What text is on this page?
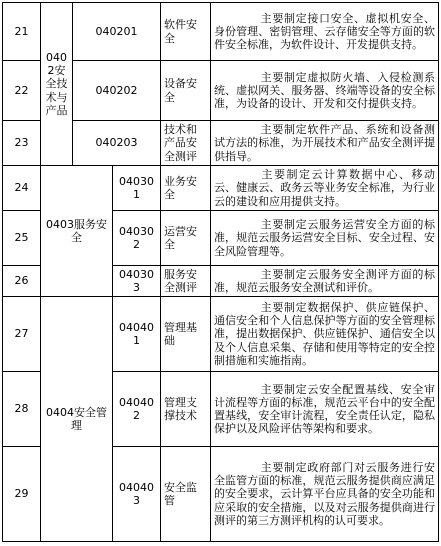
21	0402安全技术与产品	040201		软件安全	主要制定接口安全、虚拟机安全、身份管理、密钥管理、云存储安全等方面的软件安全标准，为软件设计、开发提供支持。
22		040202		设备安全	主要制定虚拟防火墙、入侵检测系统、虚拟网关、服务器、终端等设备的安全标准，为设备的设计、开发和交付提供支持。
23		040203		技术和产品安全测评	主要制定软件产品、系统和设备测试方法的标准，为开展技术和产品安全测评提供指导。
24	0403服务安全		040301	业务安全	主要制定云计算数据中心、移动云、健康云、政务云等业务安全标准，为行业云的建设和应用提供支持。
25			040302	运营安全	主要制定云服务运营安全方面的标准，规范云服务运营安全目标、安全过程、安全风险管理等。
26			040303	服务安全测评	主要制定云服务安全测评方面的标准，规范云服务安全测试和评价。
27	0404安全管理		040401	管理基础	主要制定数据保护、供应链保护、通信安全和个人信息保护等方面的安全管理标准，提出数据保护、供应链保护、通信安全以及个人信息采集、存储和使用等特定的安全控制措施和实施指南。
28			040402	管理支撑技术	主要制定云安全配置基线、安全审计流程等方面的标准，规范云平台中的安全配置基线，安全审计流程，安全责任认定，隐私保护以及风险评估等架构和要求。
29			040403	安全监管	主要制定政府部门对云服务进行安全监管方面的标准，规范云服务提供商应满足的安全要求，云计算平台应具备的安全功能和应采取的安全措施，以及对云服务提供商进行测评的第三方测评机构的认可要求。
